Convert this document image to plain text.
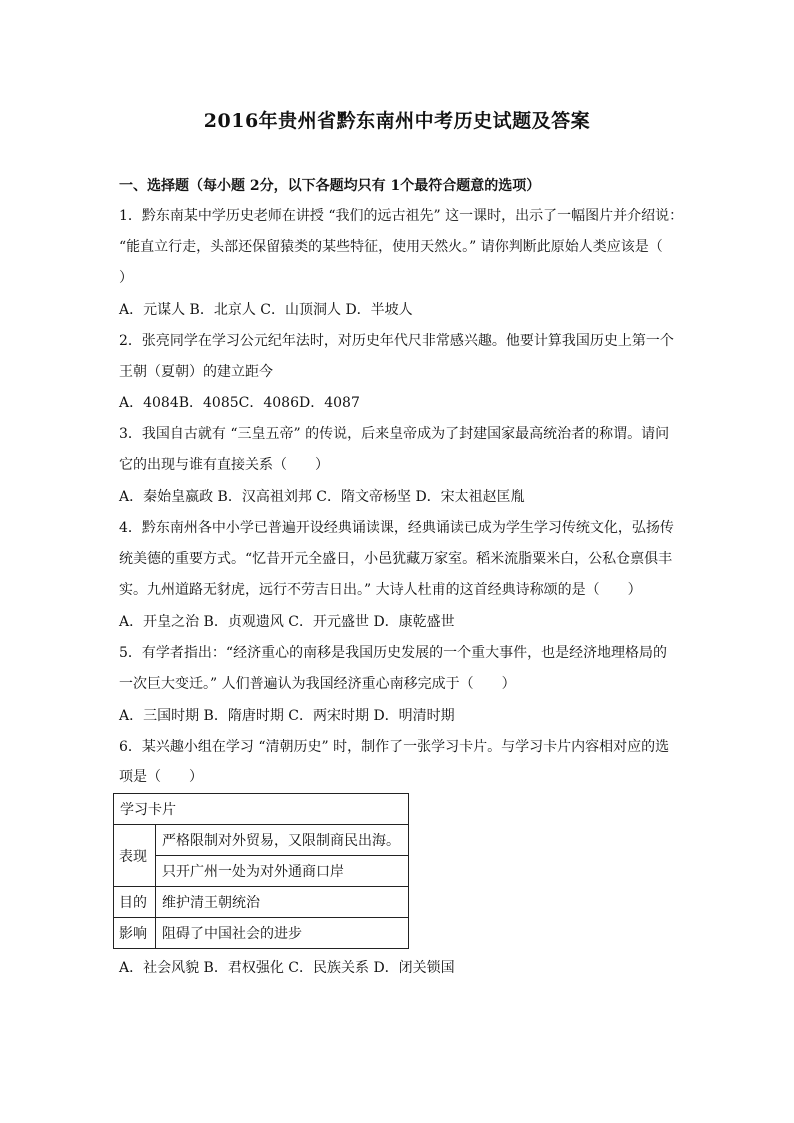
2016年贵州省黔东南州中考历史试题及答案
一、选择题（每小题 2分，以下各题均只有 1个最符合题意的选项）
1．黔东南某中学历史老师在讲授 “我们的远古祖先” 这一课时，出示了一幅图片并介绍说：
“能直立行走，头部还保留猿类的某些特征，使用天然火。” 请你判断此原始人类应该是（
）
A．元谋人 B．北京人 C．山顶洞人 D．半坡人
2．张亮同学在学习公元纪年法时，对历史年代尺非常感兴趣。他要计算我国历史上第一个
王朝（夏朝）的建立距今
A．4084B．4085C．4086D．4087
3．我国自古就有 “三皇五帝” 的传说，后来皇帝成为了封建国家最高统治者的称谓。请问
它的出现与谁有直接关系（　　）
A．秦始皇嬴政 B．汉高祖刘邦 C．隋文帝杨坚 D．宋太祖赵匡胤
4．黔东南州各中小学已普遍开设经典诵读课，经典诵读已成为学生学习传统文化，弘扬传
统美德的重要方式。“忆昔开元全盛日，小邑犹藏万家室。稻米流脂粟米白，公私仓禀俱丰
实。九州道路无豺虎，远行不劳吉日出。” 大诗人杜甫的这首经典诗称颂的是（　　）
A．开皇之治 B．贞观遗风 C．开元盛世 D．康乾盛世
5．有学者指出：“经济重心的南移是我国历史发展的一个重大事件，也是经济地理格局的
一次巨大变迁。” 人们普遍认为我国经济重心南移完成于（　　）
A．三国时期 B．隋唐时期 C．两宋时期 D．明清时期
6．某兴趣小组在学习 “清朝历史” 时，制作了一张学习卡片。与学习卡片内容相对应的选
项是（　　）
学习卡片	
表现	严格限制对外贸易，又限制商民出海。
	只开广州一处为对外通商口岸
目的	维护清王朝统治
影响	阻碍了中国社会的进步
A．社会风貌 B．君权强化 C．民族关系 D．闭关锁国
